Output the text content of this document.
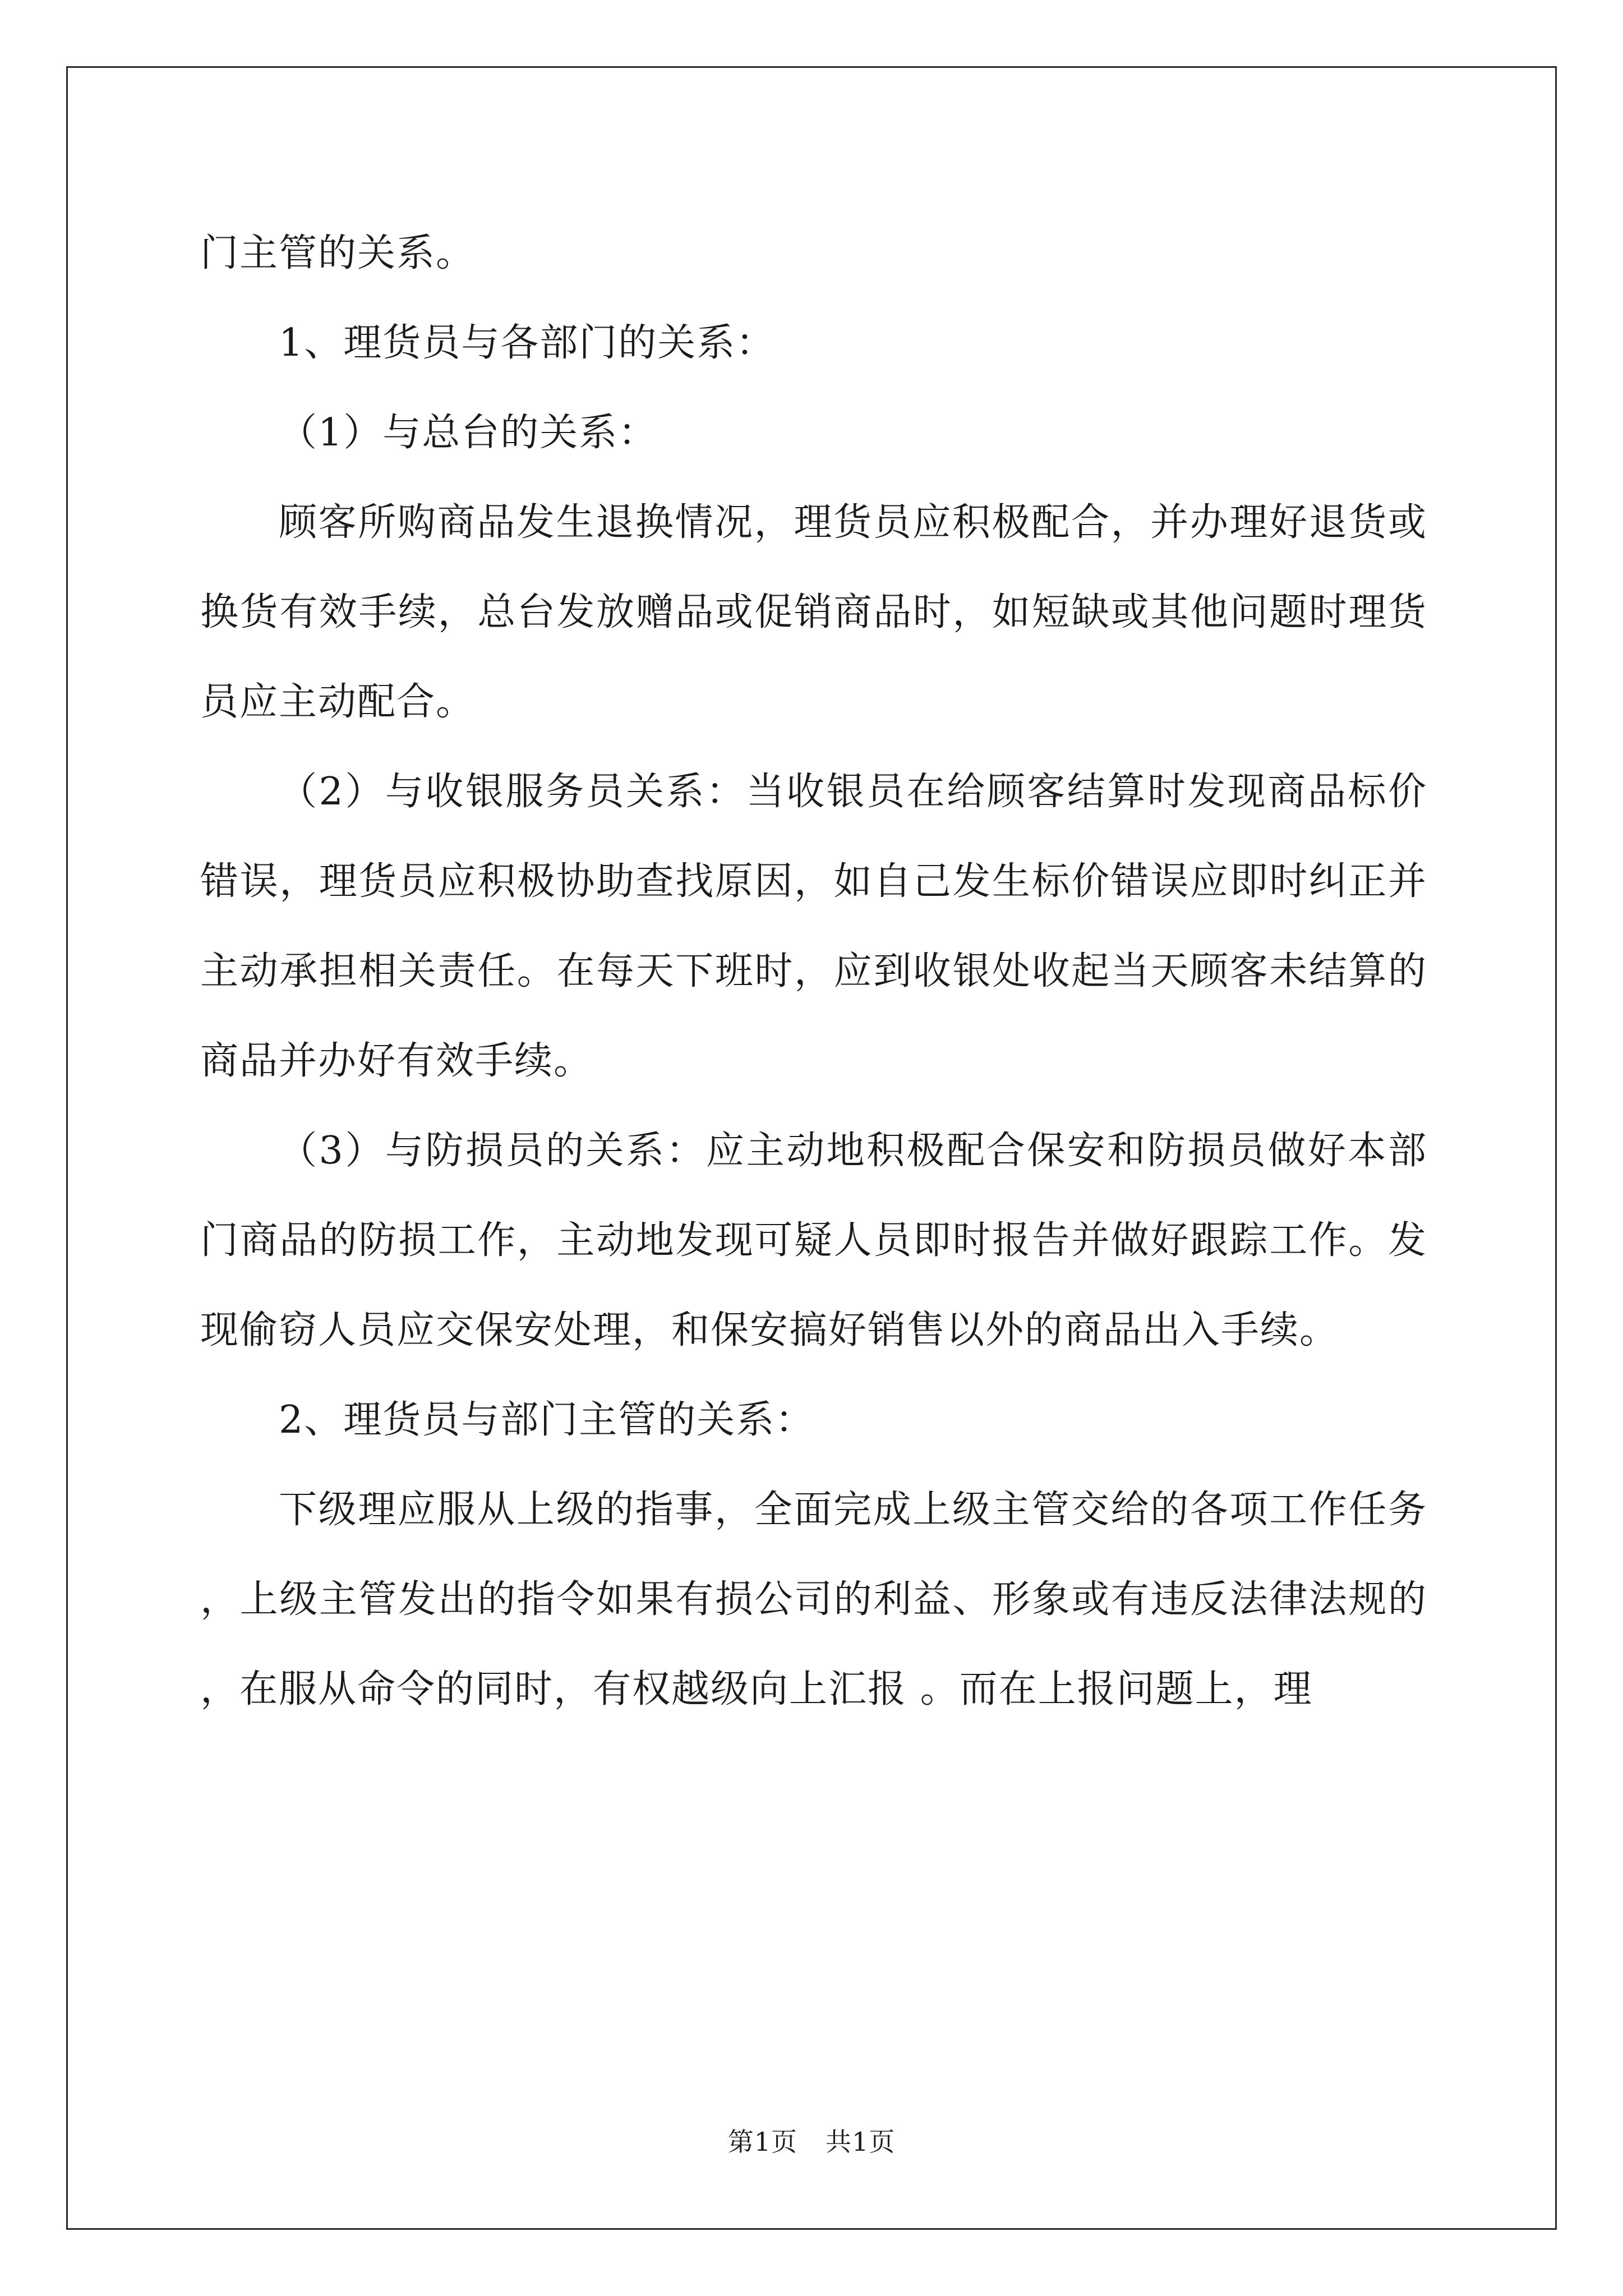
门主管的关系。

1、理货员与各部门的关系：

（1）与总台的关系：

顾客所购商品发生退换情况，理货员应积极配合，并办理好退货或换货有效手续，总台发放赠品或促销商品时，如短缺或其他问题时理货员应主动配合。

（2）与收银服务员关系：当收银员在给顾客结算时发现商品标价错误，理货员应积极协助查找原因，如自己发生标价错误应即时纠正并主动承担相关责任。在每天下班时，应到收银处收起当天顾客未结算的商品并办好有效手续。

（3）与防损员的关系：应主动地积极配合保安和防损员做好本部门商品的防损工作，主动地发现可疑人员即时报告并做好跟踪工作。发现偷窃人员应交保安处理，和保安搞好销售以外的商品出入手续。

2、理货员与部门主管的关系：

下级理应服从上级的指事，全面完成上级主管交给的各项工作任务，上级主管发出的指令如果有损公司的利益、形象或有违反法律法规的，在服从命令的同时，有权越级向上汇报 。而在上报问题上，理

第1页 共1页
